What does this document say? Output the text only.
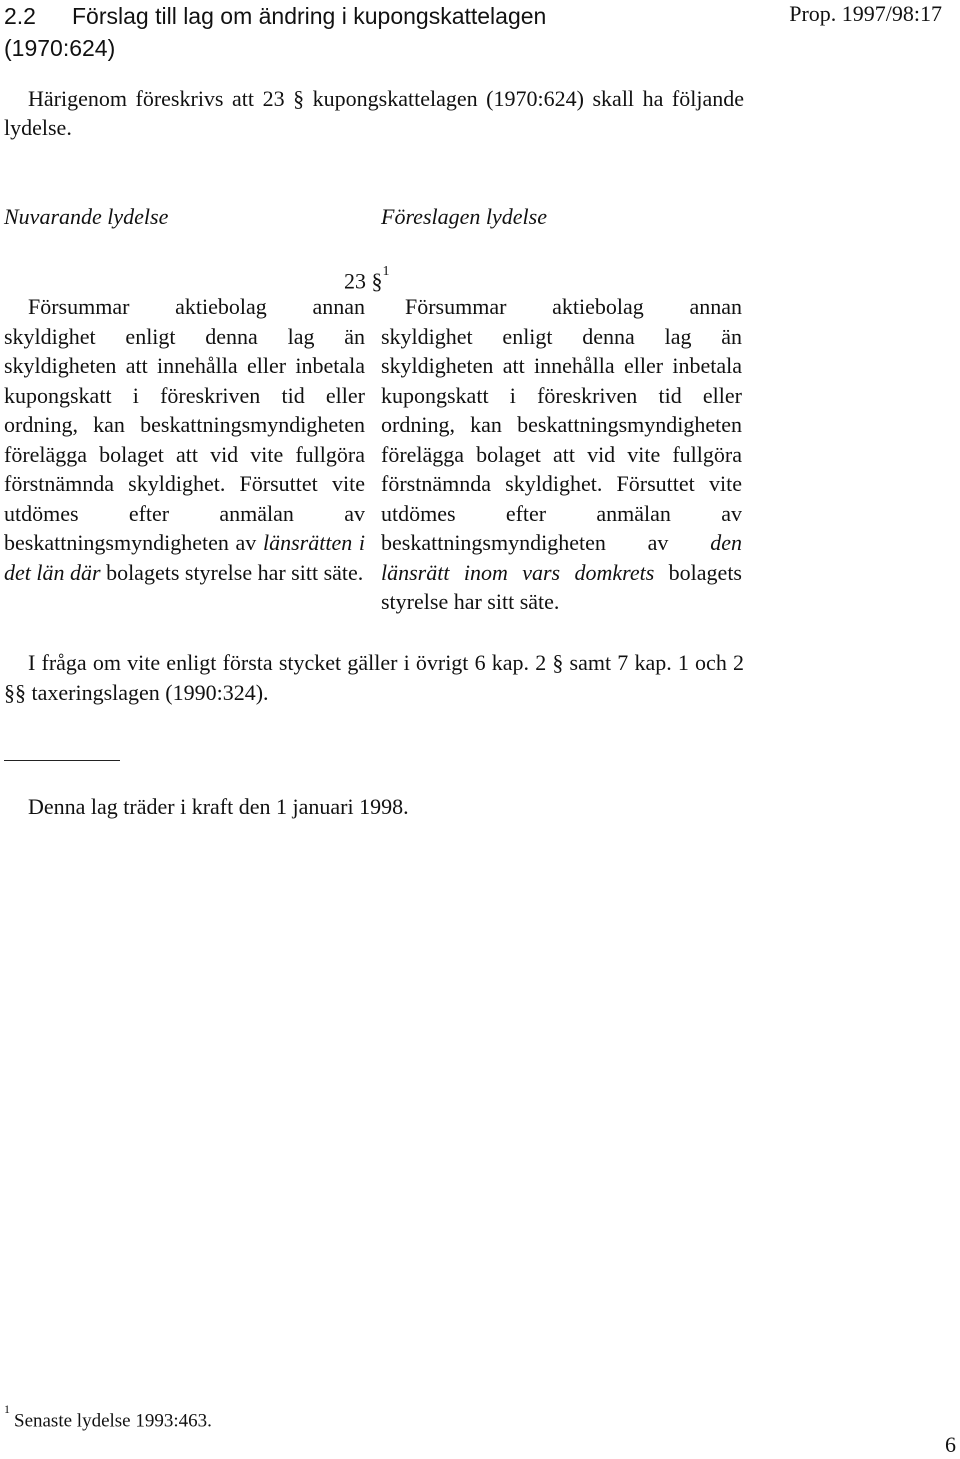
2.2 Förslag till lag om ändring i kupongskattelagen
(1970:624)
Prop. 1997/98:17
Härigenom föreskrivs att 23 § kupongskattelagen (1970:624) skall ha följande lydelse.
Nuvarande lydelse	Föreslagen lydelse
23 §$^1$
Försummar aktiebolag annan skyldighet enligt denna lag än skyldigheten att innehålla eller inbetala kupongskatt i föreskriven tid eller ordning, kan beskattningsmyndigheten förelägga bolaget att vid vite fullgöra förstnämnda skyldighet. Försuttet vite utdömes efter anmälan av beskattningsmyndigheten av länsrätten i det län där bolagets styrelse har sitt säte.
Försummar aktiebolag annan skyldighet enligt denna lag än skyldigheten att innehålla eller inbetala kupongskatt i föreskriven tid eller ordning, kan beskattningsmyndigheten förelägga bolaget att vid vite fullgöra förstnämnda skyldighet. Försuttet vite utdömes efter anmälan av beskattningsmyndigheten av den länsrätt inom vars domkrets bolagets styrelse har sitt säte.
I fråga om vite enligt första stycket gäller i övrigt 6 kap. 2 § samt 7 kap. 1 och 2 §§ taxeringslagen (1990:324).
Denna lag träder i kraft den 1 januari 1998.
$^1$Senaste lydelse 1993:463.
6
